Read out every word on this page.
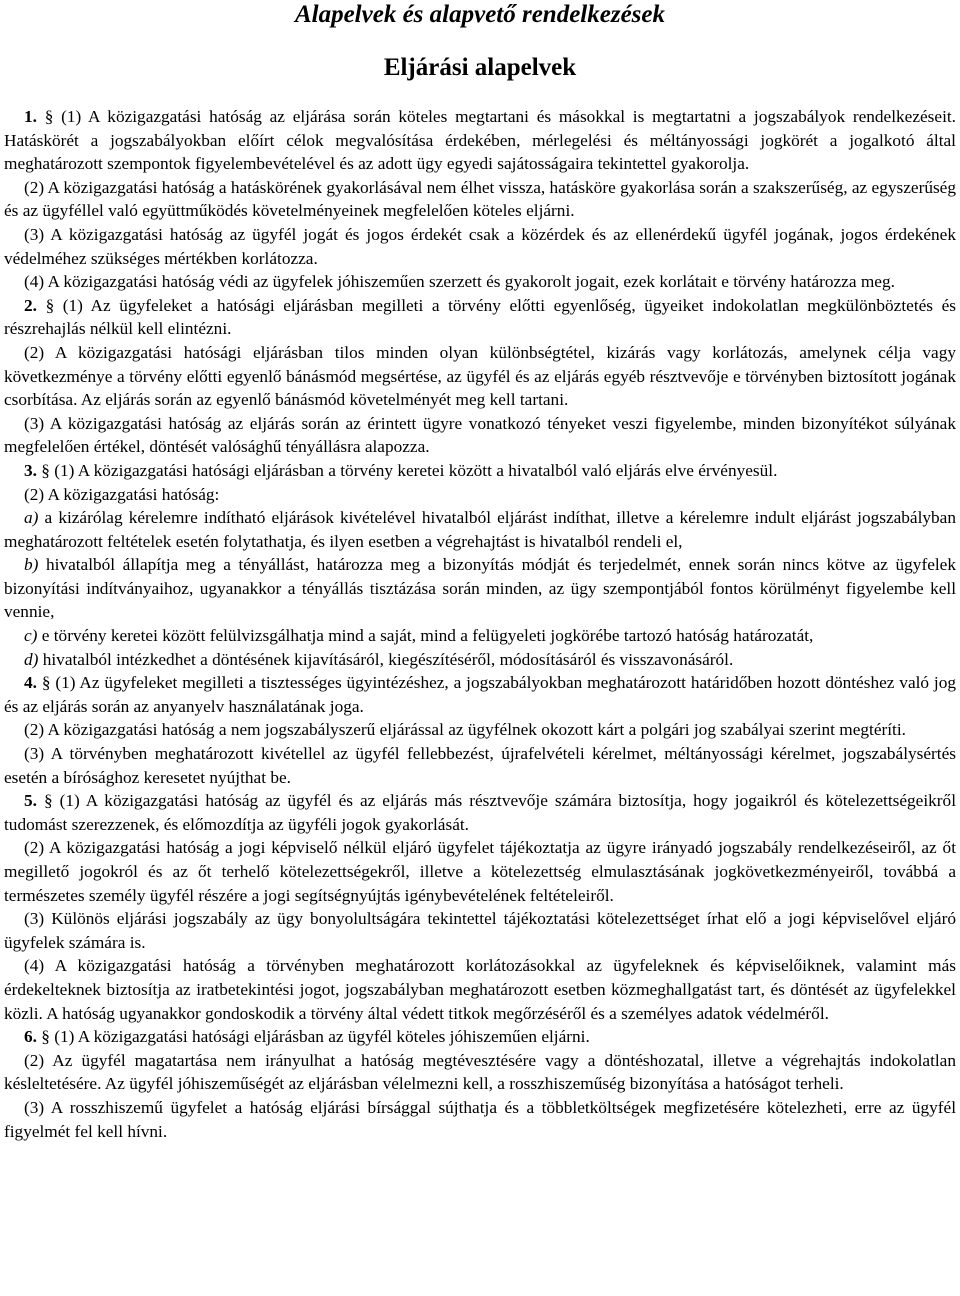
Alapelvek és alapvető rendelkezések
Eljárási alapelvek

1. § (1) A közigazgatási hatóság az eljárása során köteles megtartani és másokkal is megtartatni a jogszabályok rendelkezéseit. Hatáskörét a jogszabályokban előírt célok megvalósítása érdekében, mérlegelési és méltányossági jogkörét a jogalkotó által meghatározott szempontok figyelembevételével és az adott ügy egyedi sajátosságaira tekintettel gyakorolja.

(2) A közigazgatási hatóság a hatáskörének gyakorlásával nem élhet vissza, hatásköre gyakorlása során a szakszerűség, az egyszerűség és az ügyféllel való együttműködés követelményeinek megfelelően köteles eljárni.

(3) A közigazgatási hatóság az ügyfél jogát és jogos érdekét csak a közérdek és az ellenérdekű ügyfél jogának, jogos érdekének védelméhez szükséges mértékben korlátozza.

(4) A közigazgatási hatóság védi az ügyfelek jóhiszeműen szerzett és gyakorolt jogait, ezek korlátait e törvény határozza meg.

2. § (1) Az ügyfeleket a hatósági eljárásban megilleti a törvény előtti egyenlőség, ügyeiket indokolatlan megkülönböztetés és részrehajlás nélkül kell elintézni.

(2) A közigazgatási hatósági eljárásban tilos minden olyan különbségtétel, kizárás vagy korlátozás, amelynek célja vagy következménye a törvény előtti egyenlő bánásmód megsértése, az ügyfél és az eljárás egyéb résztvevője e törvényben biztosított jogának csorbítása. Az eljárás során az egyenlő bánásmód követelményét meg kell tartani.

(3) A közigazgatási hatóság az eljárás során az érintett ügyre vonatkozó tényeket veszi figyelembe, minden bizonyítékot súlyának megfelelően értékel, döntését valósághű tényállásra alapozza.

3. § (1) A közigazgatási hatósági eljárásban a törvény keretei között a hivatalból való eljárás elve érvényesül.

(2) A közigazgatási hatóság:

a) a kizárólag kérelemre indítható eljárások kivételével hivatalból eljárást indíthat, illetve a kérelemre indult eljárást jogszabályban meghatározott feltételek esetén folytathatja, és ilyen esetben a végrehajtást is hivatalból rendeli el,

b) hivatalból állapítja meg a tényállást, határozza meg a bizonyítás módját és terjedelmét, ennek során nincs kötve az ügyfelek bizonyítási indítványaihoz, ugyanakkor a tényállás tisztázása során minden, az ügy szempontjából fontos körülményt figyelembe kell vennie,

c) e törvény keretei között felülvizsgálhatja mind a saját, mind a felügyeleti jogkörébe tartozó hatóság határozatát,

d) hivatalból intézkedhet a döntésének kijavításáról, kiegészítéséről, módosításáról és visszavonásáról.

4. § (1) Az ügyfeleket megilleti a tisztességes ügyintézéshez, a jogszabályokban meghatározott határidőben hozott döntéshez való jog és az eljárás során az anyanyelv használatának joga.

(2) A közigazgatási hatóság a nem jogszabályszerű eljárással az ügyfélnek okozott kárt a polgári jog szabályai szerint megtéríti.

(3) A törvényben meghatározott kivétellel az ügyfél fellebbezést, újrafelvételi kérelmet, méltányossági kérelmet, jogszabálysértés esetén a bírósághoz keresetet nyújthat be.

5. § (1) A közigazgatási hatóság az ügyfél és az eljárás más résztvevője számára biztosítja, hogy jogaikról és kötelezettségeikről tudomást szerezzenek, és előmozdítja az ügyféli jogok gyakorlását.

(2) A közigazgatási hatóság a jogi képviselő nélkül eljáró ügyfelet tájékoztatja az ügyre irányadó jogszabály rendelkezéseiről, az őt megillető jogokról és az őt terhelő kötelezettségekről, illetve a kötelezettség elmulasztásának jogkövetkezményeiről, továbbá a természetes személy ügyfél részére a jogi segítségnyújtás igénybevételének feltételeiről.

(3) Különös eljárási jogszabály az ügy bonyolultságára tekintettel tájékoztatási kötelezettséget írhat elő a jogi képviselővel eljáró ügyfelek számára is.

(4) A közigazgatási hatóság a törvényben meghatározott korlátozásokkal az ügyfeleknek és képviselőiknek, valamint más érdekelteknek biztosítja az iratbetekintési jogot, jogszabályban meghatározott esetben közmeghallgatást tart, és döntését az ügyfelekkel közli. A hatóság ugyanakkor gondoskodik a törvény által védett titkok megőrzéséről és a személyes adatok védelméről.

6. § (1) A közigazgatási hatósági eljárásban az ügyfél köteles jóhiszeműen eljárni.

(2) Az ügyfél magatartása nem irányulhat a hatóság megtévesztésére vagy a döntéshozatal, illetve a végrehajtás indokolatlan késleltetésére. Az ügyfél jóhiszeműségét az eljárásban vélelmezni kell, a rosszhiszeműség bizonyítása a hatóságot terheli.

(3) A rosszhiszemű ügyfelet a hatóság eljárási bírsággal sújthatja és a többletköltségek megfizetésére kötelezheti, erre az ügyfél figyelmét fel kell hívni.
